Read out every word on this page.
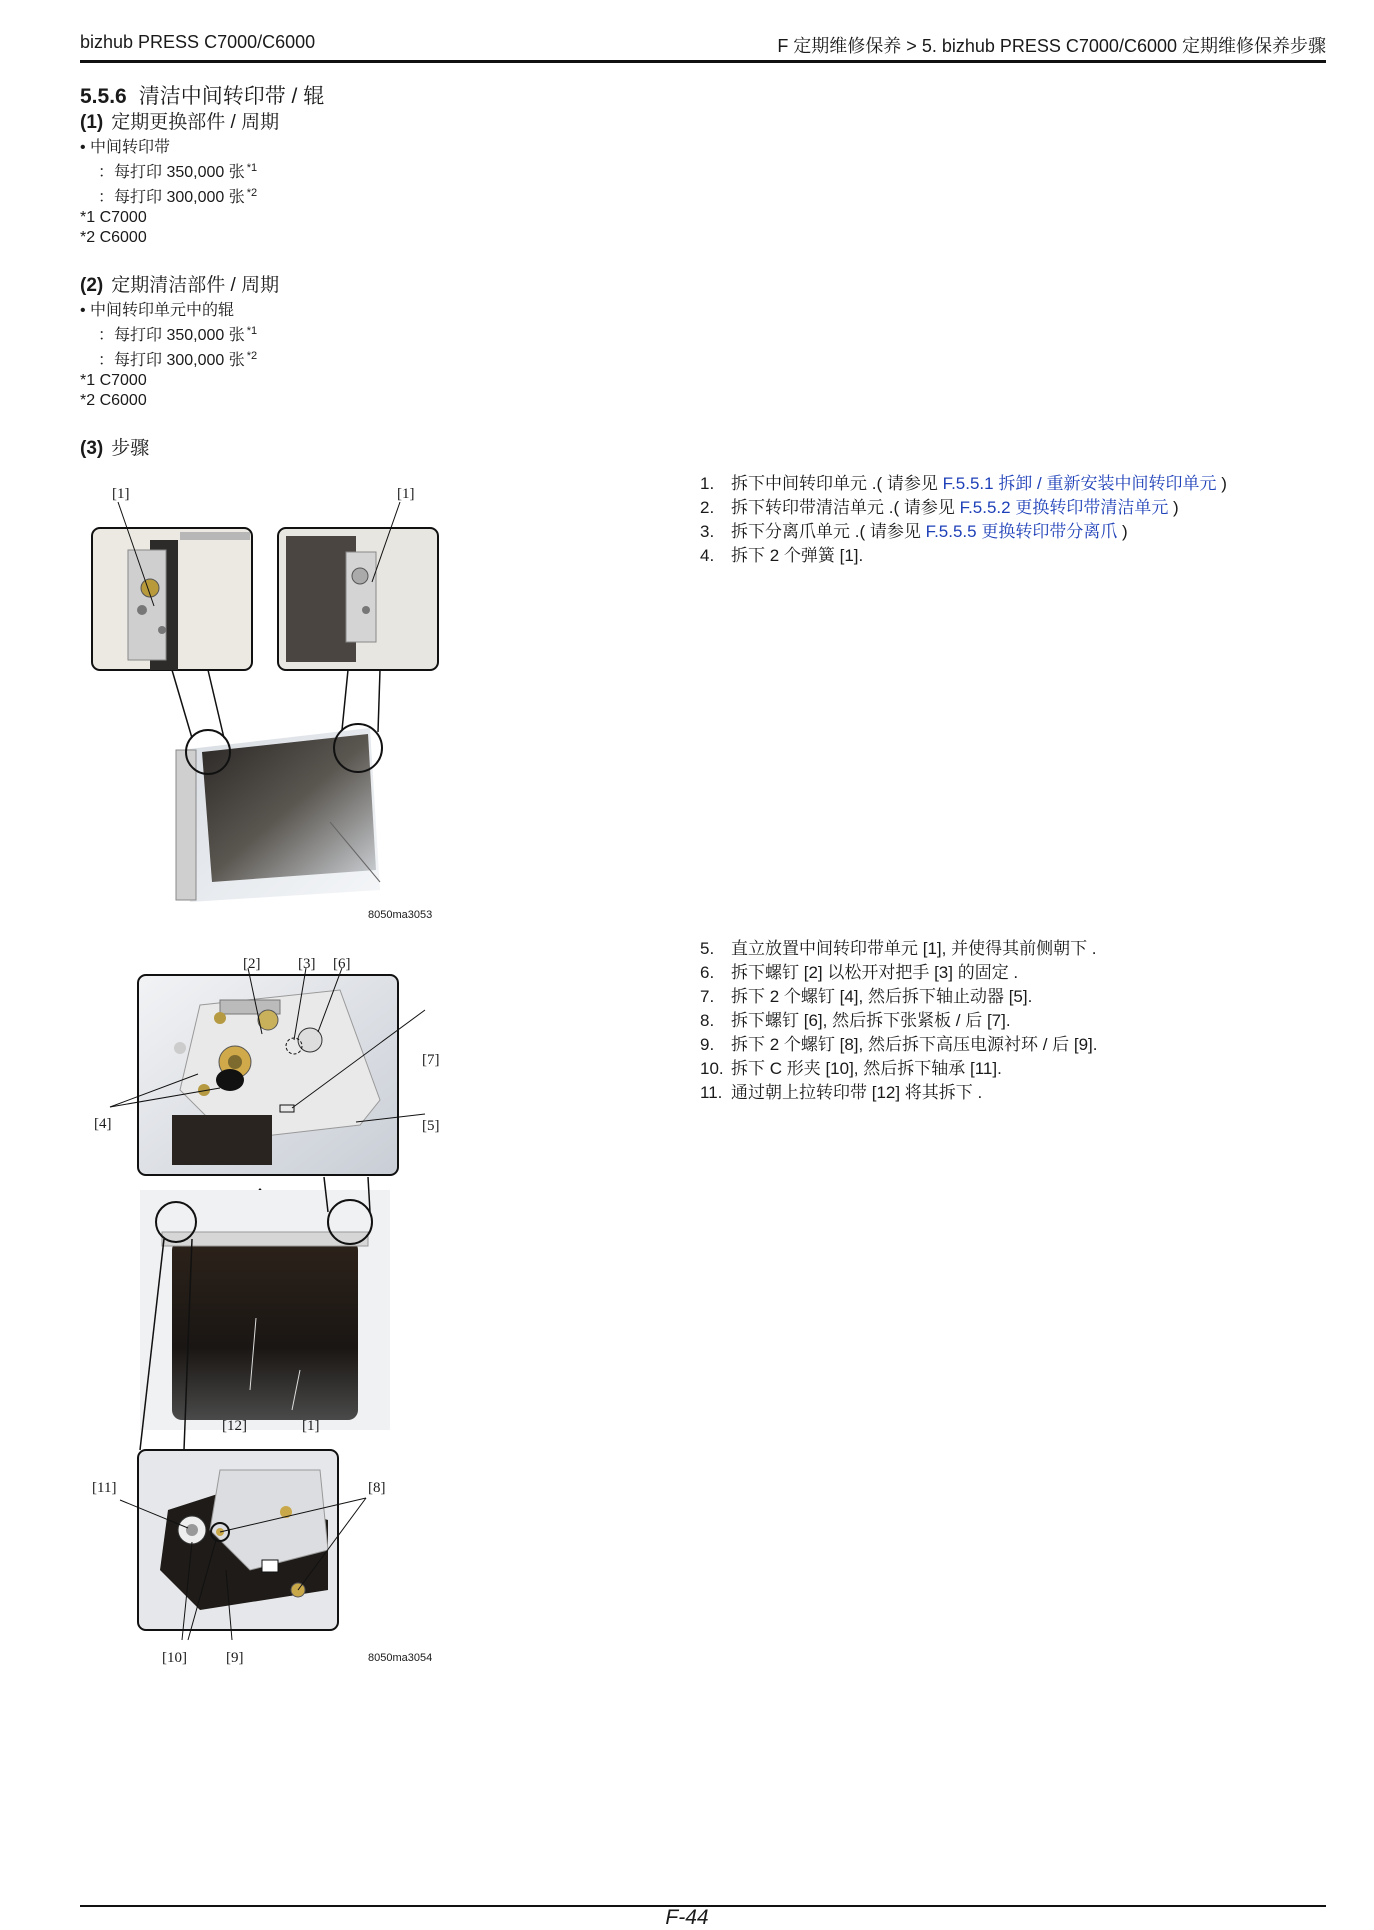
bizhub PRESS C7000/C6000	F 定期维修保养 > 5. bizhub PRESS C7000/C6000 定期维修保养步骤
5.5.6 清洁中间转印带 / 辊
(1) 定期更换部件 / 周期
• 中间转印带
：每打印 350,000 张 $^{*1}$
：每打印 300,000 张 $^{*2}$
*1 C7000
*2 C6000
(2) 定期清洁部件 / 周期
• 中间转印单元中的辊
：每打印 350,000 张 $^{*1}$
：每打印 300,000 张 $^{*2}$
*1 C7000
*2 C6000
(3) 步骤
1. 拆下中间转印单元 .( 请参见 F.5.5.1 拆卸 / 重新安装中间转印单元 )
2. 拆下转印带清洁单元 .( 请参见 F.5.5.2 更换转印带清洁单元 )
3. 拆下分离爪单元 .( 请参见 F.5.5.5 更换转印带分离爪 )
4. 拆下 2 个弹簧 [1].
5. 直立放置中间转印带单元 [1], 并使得其前侧朝下 .
6. 拆下螺钉 [2] 以松开对把手 [3] 的固定 .
7. 拆下 2 个螺钉 [4], 然后拆下轴止动器 [5].
8. 拆下螺钉 [6], 然后拆下张紧板 / 后 [7].
9. 拆下 2 个螺钉 [8], 然后拆下高压电源衬环 / 后 [9].
10. 拆下 C 形夹 [10], 然后拆下轴承 [11].
11. 通过朝上拉转印带 [12] 将其拆下 .
[1]	[1]
8050ma3053
[2]	[3] [6]
[7]
[4]	[5]
[12]	[1]
[11]	[8]
[10]	[9]	8050ma3054
F-44
